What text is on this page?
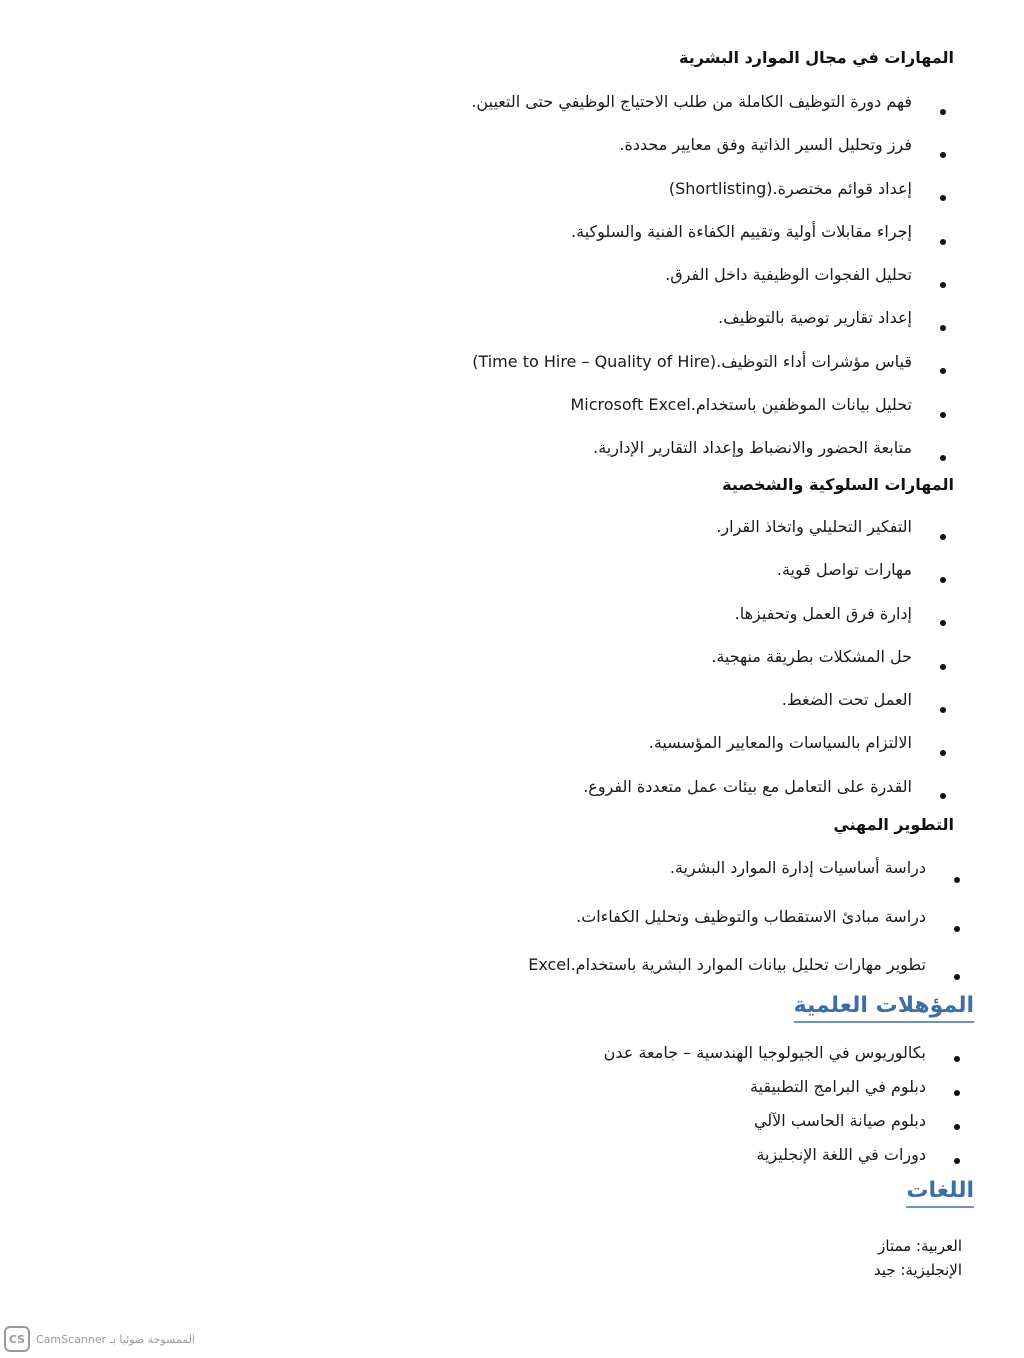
المهارات في مجال الموارد البشرية
فهم دورة التوظيف الكاملة من طلب الاحتياج الوظيفي حتى التعيين.
فرز وتحليل السير الذاتية وفق معايير محددة.
إعداد قوائم مختصرة.(Shortlisting)
إجراء مقابلات أولية وتقييم الكفاءة الفنية والسلوكية.
تحليل الفجوات الوظيفية داخل الفرق.
إعداد تقارير توصية بالتوظيف.
قياس مؤشرات أداء التوظيف.(Time to Hire – Quality of Hire)
تحليل بيانات الموظفين باستخدام.Microsoft Excel
متابعة الحضور والانضباط وإعداد التقارير الإدارية.
المهارات السلوكية والشخصية
التفكير التحليلي واتخاذ القرار.
مهارات تواصل قوية.
إدارة فرق العمل وتحفيزها.
حل المشكلات بطريقة منهجية.
العمل تحت الضغط.
الالتزام بالسياسات والمعايير المؤسسية.
القدرة على التعامل مع بيئات عمل متعددة الفروع.
التطوير المهني
دراسة أساسيات إدارة الموارد البشرية.
دراسة مبادئ الاستقطاب والتوظيف وتحليل الكفاءات.
تطوير مهارات تحليل بيانات الموارد البشرية باستخدام.Excel
المؤهلات العلمية
بكالوريوس في الجيولوجيا الهندسية – جامعة عدن
دبلوم في البرامج التطبيقية
دبلوم صيانة الحاسب الآلي
دورات في اللغة الإنجليزية
اللغات
العربية: ممتاز
الإنجليزية: جيد
CS CamScanner الممسوحة ضوئيا بـ
